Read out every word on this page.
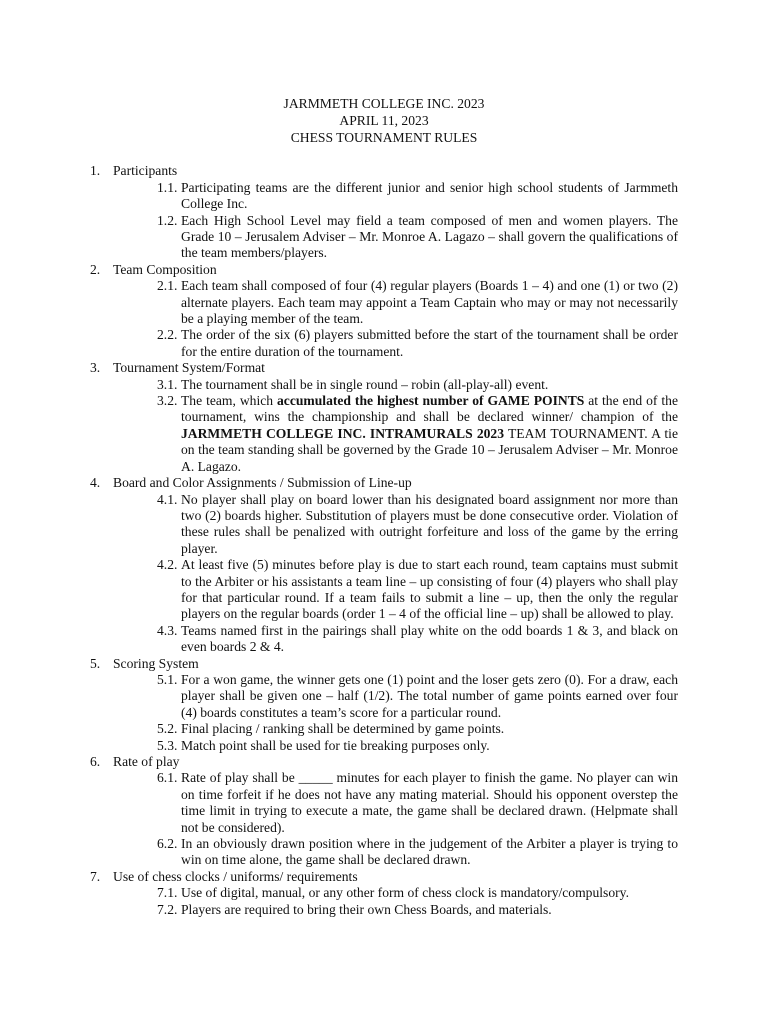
JARMMETH COLLEGE INC. 2023
APRIL 11, 2023
CHESS TOURNAMENT RULES
1. Participants
1.1. Participating teams are the different junior and senior high school students of Jarmmeth College Inc.
1.2. Each High School Level may field a team composed of men and women players. The Grade 10 – Jerusalem Adviser – Mr. Monroe A. Lagazo – shall govern the qualifications of the team members/players.
2. Team Composition
2.1. Each team shall composed of four (4) regular players (Boards 1 – 4) and one (1) or two (2) alternate players. Each team may appoint a Team Captain who may or may not necessarily be a playing member of the team.
2.2. The order of the six (6) players submitted before the start of the tournament shall be order for the entire duration of the tournament.
3. Tournament System/Format
3.1. The tournament shall be in single round – robin (all-play-all) event.
3.2. The team, which accumulated the highest number of GAME POINTS at the end of the tournament, wins the championship and shall be declared winner/ champion of the JARMMETH COLLEGE INC. INTRAMURALS 2023 TEAM TOURNAMENT. A tie on the team standing shall be governed by the Grade 10 – Jerusalem Adviser – Mr. Monroe A. Lagazo.
4. Board and Color Assignments / Submission of Line-up
4.1. No player shall play on board lower than his designated board assignment nor more than two (2) boards higher. Substitution of players must be done consecutive order. Violation of these rules shall be penalized with outright forfeiture and loss of the game by the erring player.
4.2. At least five (5) minutes before play is due to start each round, team captains must submit to the Arbiter or his assistants a team line – up consisting of four (4) players who shall play for that particular round. If a team fails to submit a line – up, then the only the regular players on the regular boards (order 1 – 4 of the official line – up) shall be allowed to play.
4.3. Teams named first in the pairings shall play white on the odd boards 1 & 3, and black on even boards 2 & 4.
5. Scoring System
5.1. For a won game, the winner gets one (1) point and the loser gets zero (0). For a draw, each player shall be given one – half (1/2). The total number of game points earned over four (4) boards constitutes a team’s score for a particular round.
5.2. Final placing / ranking shall be determined by game points.
5.3. Match point shall be used for tie breaking purposes only.
6. Rate of play
6.1. Rate of play shall be _____ minutes for each player to finish the game. No player can win on time forfeit if he does not have any mating material. Should his opponent overstep the time limit in trying to execute a mate, the game shall be declared drawn. (Helpmate shall not be considered).
6.2. In an obviously drawn position where in the judgement of the Arbiter a player is trying to win on time alone, the game shall be declared drawn.
7. Use of chess clocks / uniforms/ requirements
7.1. Use of digital, manual, or any other form of chess clock is mandatory/compulsory.
7.2. Players are required to bring their own Chess Boards, and materials.
